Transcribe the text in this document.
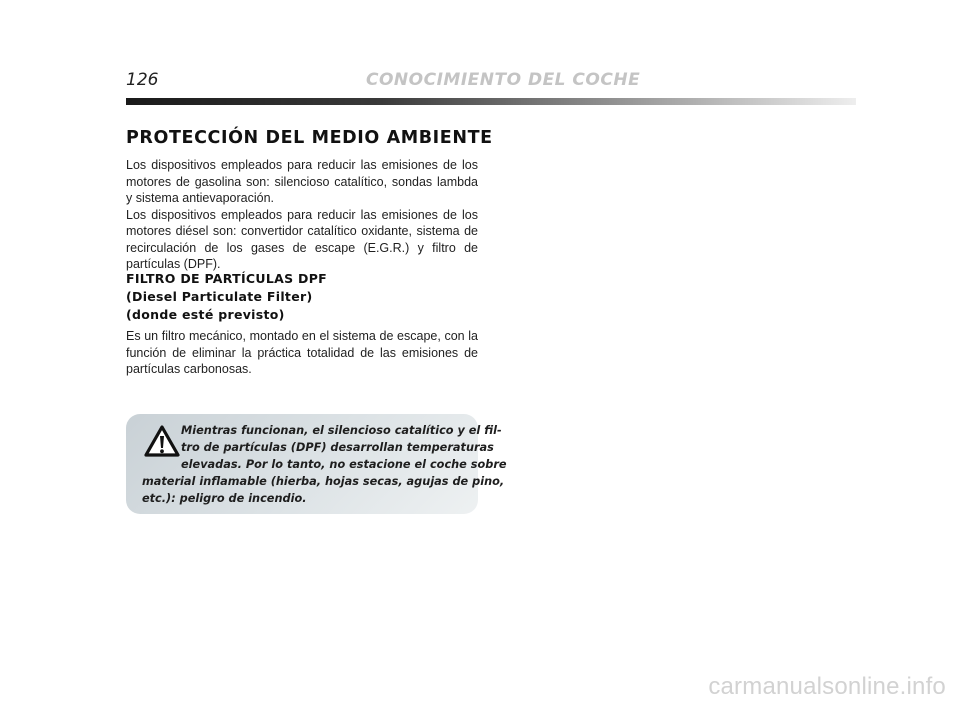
126	CONOCIMIENTO DEL COCHE
PROTECCIÓN DEL MEDIO AMBIENTE

Los dispositivos empleados para reducir las emisiones de los motores de gasolina son: silencioso catalítico, sondas lambda y sistema antievaporación.
Los dispositivos empleados para reducir las emisiones de los motores diésel son: convertidor catalítico oxidante, sistema de recirculación de los gases de escape (E.G.R.) y filtro de partículas (DPF).

FILTRO DE PARTÍCULAS DPF
(Diesel Particulate Filter)
(donde esté previsto)

Es un filtro mecánico, montado en el sistema de escape, con la función de eliminar la práctica totalidad de las emisiones de partículas carbonosas.

Mientras funcionan, el silencioso catalítico y el fil-
tro de partículas (DPF) desarrollan temperaturas
elevadas. Por lo tanto, no estacione el coche sobre
material inflamable (hierba, hojas secas, agujas de pino,
etc.): peligro de incendio.

carmanualsonline.info
